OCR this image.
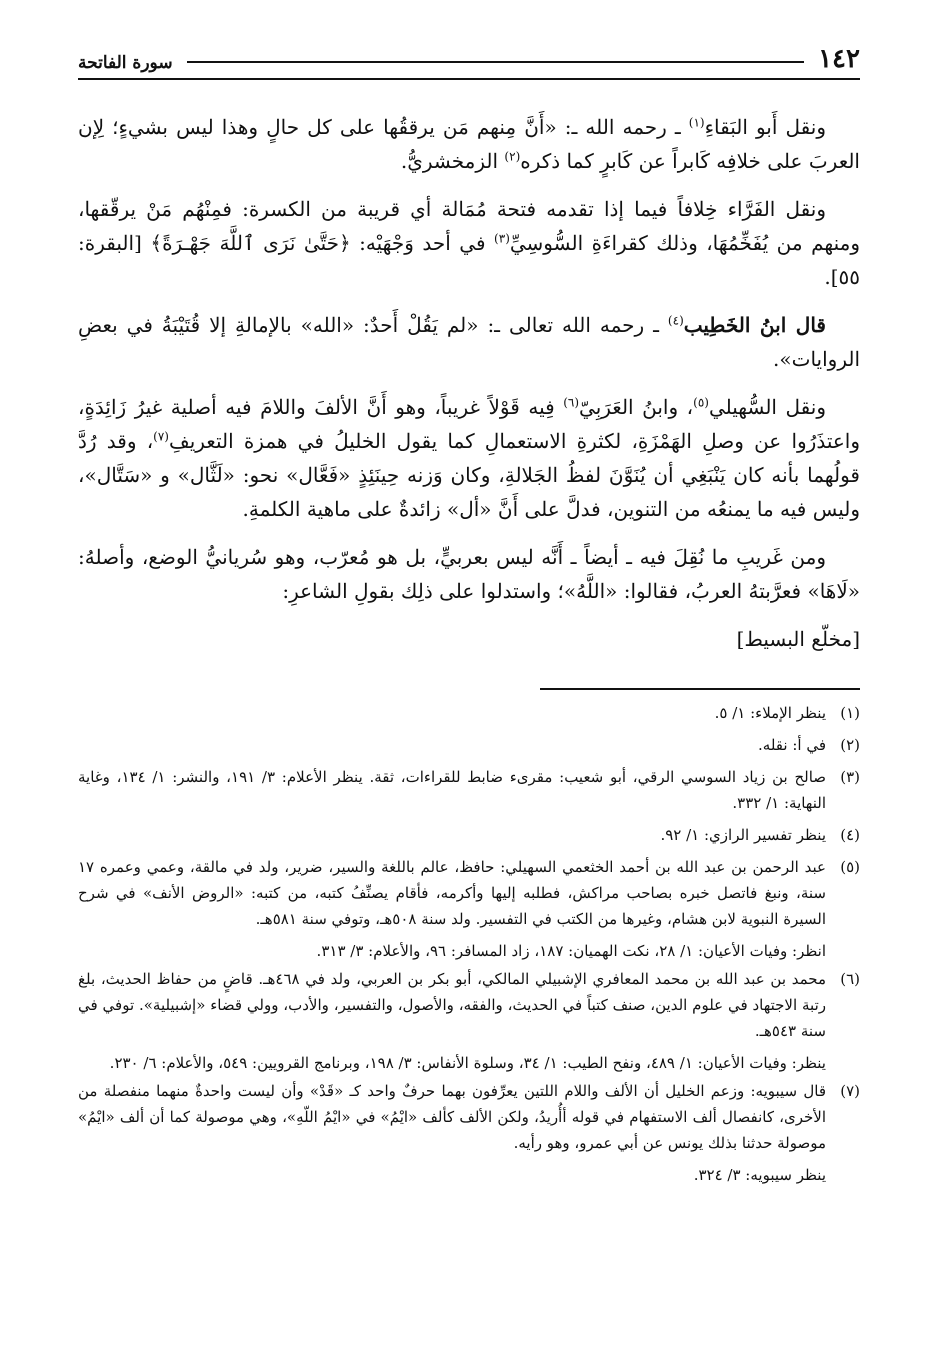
١٤٢
سورة الفاتحة

ونقل أَبو البَقاءِ$^{(١)}$ ـ رحمه الله ـ: «أَنَّ مِنهم مَن يرققُها على كل حالٍ وهذا ليس بشيءٍ؛ لِإن العربَ على خلافِه كَابراً عن كَابرٍ كما ذكره$^{(٢)}$ الزمخشريُّ.

ونقل الفَرَّاء خِلافاً فيما إذا تقدمه فتحة مُمَالة أي قريبة من الكسرة: فمِنْهُم مَنْ يرقّقها، ومنهم من يُفَخِّمُهَا، وذلك كقراءَةِ السُّوسِيِّ$^{(٣)}$ في أحد وَجْهَيْه: ﴿حَتَّىٰ نَرَى ٱللَّهَ جَهْـرَةً﴾ [البقرة: ٥٥].

قال ابنُ الخَطِيب$^{(٤)}$ ـ رحمه الله تعالى ـ: «لم يَقُلْ أَحدٌ: «الله» بالإمالةِ إلا قُتَيْبَةُ في بعضِ الروايات».

ونقل السُّهيلي$^{(٥)}$، وابنُ العَرَبِيّ$^{(٦)}$ فِيه قَوْلاً غريباً، وهو أَنَّ الألفَ واللامَ فيه أصلية غيرُ زَائِدَةٍ، واعتذَرُوا عن وصلِ الهَمْزَةِ، لكثرةِ الاستعمالِ كما يقول الخليلُ في همزة التعريفِ$^{(٧)}$، وقد رُدَّ قولُهما بأنه كان يَنْبَغِي أن يُنَوَّنَ لفظُ الجَلالةِ، وكان وَزنه حِينَئِذٍ «فَعَّال» نحو: «لَثَّال» و «سَتَّال»، وليس فيه ما يمنعُه من التنوين، فدلَّ على أَنَّ «أل» زائدةٌ على ماهية الكلمةِ.

ومن غَريبِ ما نُقِلَ فيه ـ أيضاً ـ أَنَّه ليس بعربيٍّ، بل هو مُعرّب، وهو سُريانيُّ الوضع، وأصلهُ: «لَاهَا» فعرَّبتهُ العربُ، فقالوا: «اللَّهُ»؛ واستدلوا على ذلِك بقولِ الشاعرِ:

[مخلّع البسيط]

(١)
ينظر الإملاء: ١/ ٥.
(٢)
في أ: نقله.
(٣)
صالح بن زياد السوسي الرقي، أبو شعيب: مقرىء ضابط للقراءات، ثقة. ينظر الأعلام: ٣/ ١٩١، والنشر: ١/ ١٣٤، وغاية النهاية: ١/ ٣٣٢.
(٤)
ينظر تفسير الرازي: ١/ ٩٢.
(٥)
عبد الرحمن بن عبد الله بن أحمد الخثعمي السهيلي: حافظ، عالم باللغة والسير، ضرير، ولد في مالقة، وعمي وعمره ١٧ سنة، ونبغ فاتصل خبره بصاحب مراكش، فطلبه إليها وأكرمه، فأقام يصنِّفُ كتبه، من كتبه: «الروض الأنف» في شرح السيرة النبوية لابن هشام، وغيرها من الكتب في التفسير. ولد سنة ٥٠٨هـ، وتوفي سنة ٥٨١هـ.
انظر: وفيات الأعيان: ١/ ٢٨، نكت الهميان: ١٨٧، زاد المسافر: ٩٦، والأعلام: ٣/ ٣١٣.
(٦)
محمد بن عبد الله بن محمد المعافري الإشبيلي المالكي، أبو بكر بن العربي، ولد في ٤٦٨هـ. قاضٍ من حفاظ الحديث، بلغ رتبة الاجتهاد في علوم الدين، صنف كتباً في الحديث، والفقه، والأصول، والتفسير، والأدب، وولي قضاء «إشبيلية». توفي في سنة ٥٤٣هـ.
ينظر: وفيات الأعيان: ١/ ٤٨٩، ونفح الطيب: ١/ ٣٤، وسلوة الأنفاس: ٣/ ١٩٨، وبرنامج القرويين: ٥٤٩، والأعلام: ٦/ ٢٣٠.
(٧)
قال سيبويه: وزعم الخليل أن الألف واللام اللتين يعرِّفون بهما حرفٌ واحد كـ «قَدْ» وأن ليست واحدةٌ منهما منفصلة من الأخرى، كانفصال ألف الاستفهام في قوله أأُريدُ، ولكن الألف كألف «ايْمُ» في «ايْمُ اللّهِ»، وهي موصولة كما أن ألف «ايْمُ» موصولة حدثنا بذلك يونس عن أبي عمرو، وهو رأيه.
ينظر سيبويه: ٣/ ٣٢٤.
